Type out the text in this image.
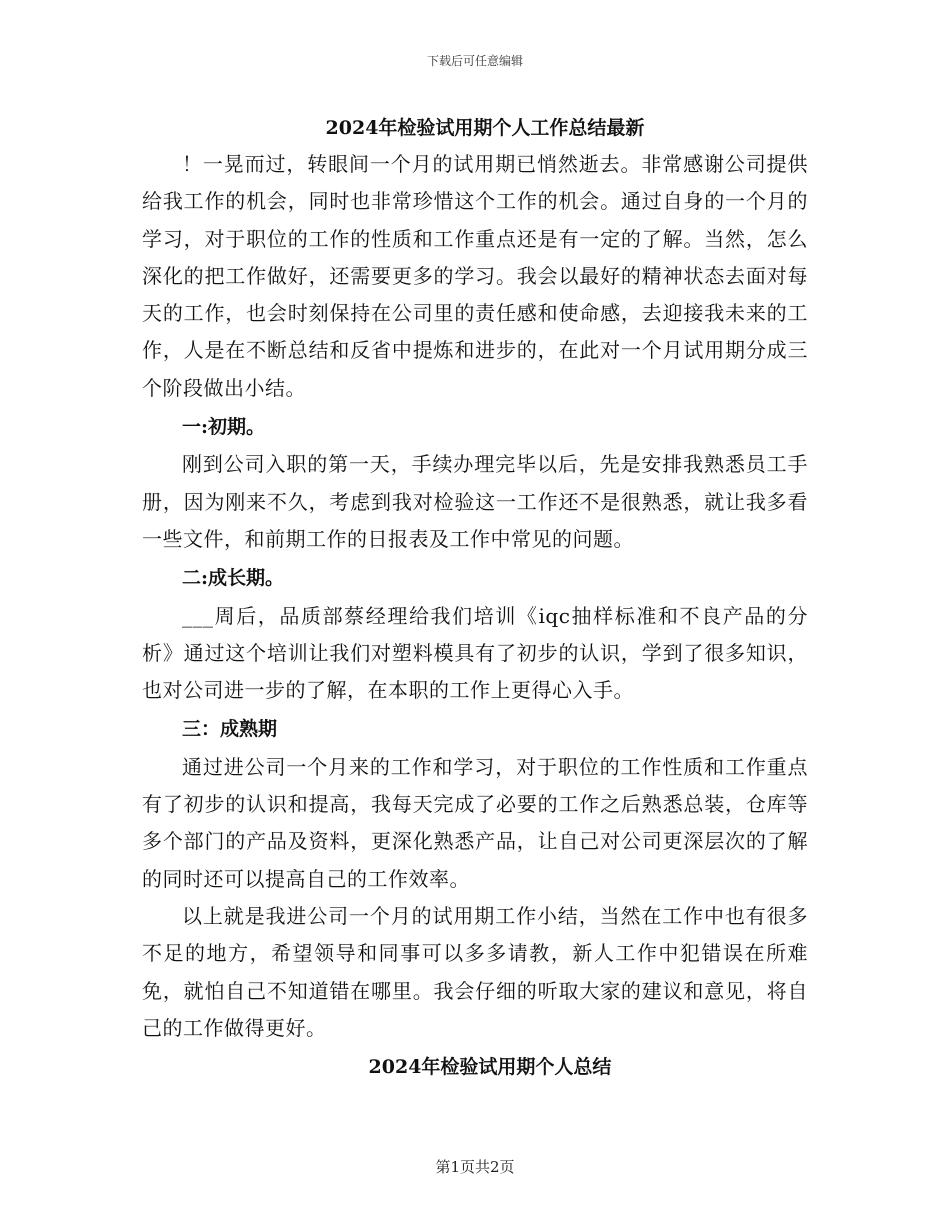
下载后可任意编辑
2024年检验试用期个人工作总结最新

！一晃而过，转眼间一个月的试用期已悄然逝去。非常感谢公司提供给我工作的机会，同时也非常珍惜这个工作的机会。通过自身的一个月的学习，对于职位的工作的性质和工作重点还是有一定的了解。当然，怎么深化的把工作做好，还需要更多的学习。我会以最好的精神状态去面对每天的工作，也会时刻保持在公司里的责任感和使命感，去迎接我未来的工作，人是在不断总结和反省中提炼和进步的，在此对一个月试用期分成三个阶段做出小结。

一:初期。

刚到公司入职的第一天，手续办理完毕以后，先是安排我熟悉员工手册，因为刚来不久，考虑到我对检验这一工作还不是很熟悉，就让我多看一些文件，和前期工作的日报表及工作中常见的问题。

二:成长期。

___周后，品质部蔡经理给我们培训《iqc抽样标准和不良产品的分析》通过这个培训让我们对塑料模具有了初步的认识，学到了很多知识，也对公司进一步的了解，在本职的工作上更得心入手。

三：成熟期

通过进公司一个月来的工作和学习，对于职位的工作性质和工作重点有了初步的认识和提高，我每天完成了必要的工作之后熟悉总装，仓库等多个部门的产品及资料，更深化熟悉产品，让自己对公司更深层次的了解的同时还可以提高自己的工作效率。

以上就是我进公司一个月的试用期工作小结，当然在工作中也有很多不足的地方，希望领导和同事可以多多请教，新人工作中犯错误在所难免，就怕自己不知道错在哪里。我会仔细的听取大家的建议和意见，将自己的工作做得更好。

2024年检验试用期个人总结
第1页共2页
